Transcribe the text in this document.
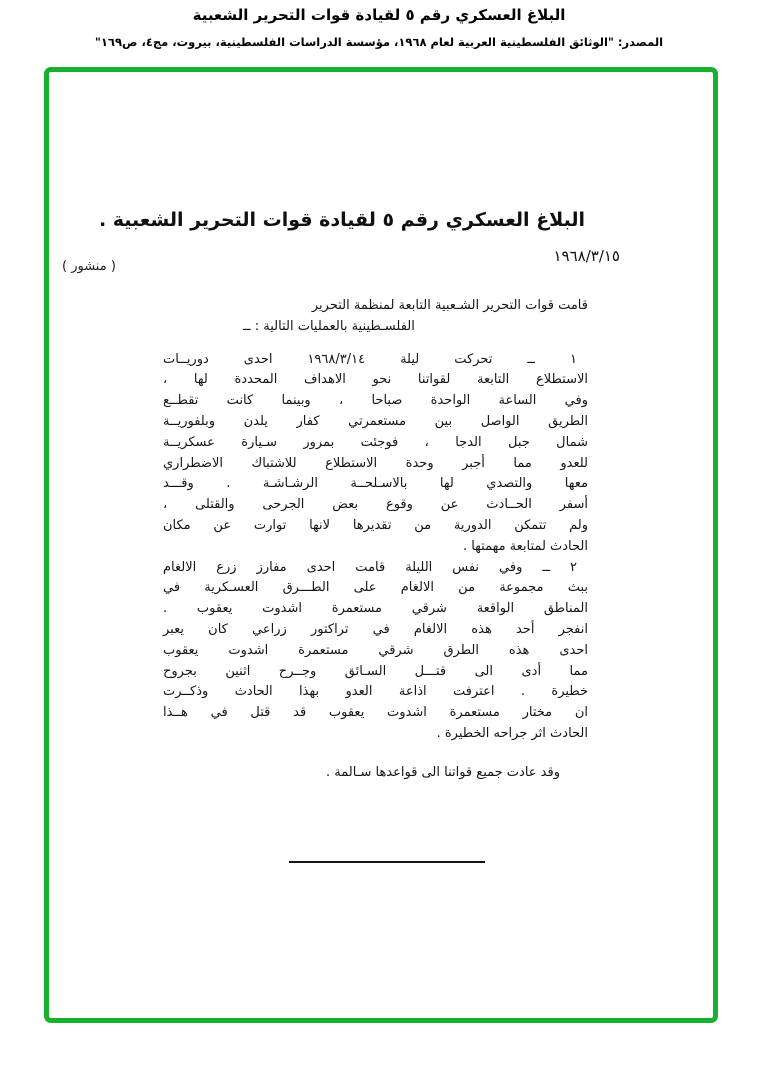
البلاغ العسكري رقم ٥ لقيادة قوات التحرير الشعبية
المصدر: "الوثائق الفلسطينية العربية لعام ١٩٦٨، مؤسسة الدراسات الفلسطينية، بيروت، مج٤، ص١٦٩"
( منشور )
البلاغ العسكري رقم ٥ لقيادة قوات التحرير الشعبية .
١٩٦٨/٣/١٥
قامت قوات التحرير الشـعبية التابعة لمنظمة التحرير
الفلسـطينية بالعمليات التالية : ــ
١ ــ تحركت ليلة ١٩٦٨/٣/١٤ احدى دوريــات
الاستطلاع التابعة لقواتنا نحو الاهداف المحددة لها ،
وفي الساعة الواحدة صباحا ، وبينما كانت تقطــع
الطريق الواصل بين مستعمرتي كفار يلدن وبلفوريــة
شمال جبل الدجا ، فوجئت بمرور سـيارة عسكريــة
للعدو مما أجبر وحدة الاستطلاع للاشتباك الاضطراري
معها والتصدي لها بالاسـلحــة الرشـاشـة . وقـــد
أسفر الحــادث عن وقوع بعض الجرحى والقتلى ،
ولم تتمكن الدورية من تقديرها لانها توارت عن مكان
الحادث لمتابعة مهمتها .
٢ ــ وفي نفس الليلة قامت احدى مفارز زرع الالغام
ببث مجموعة من الالغام على الطـــرق العسـكرية في
المناطق الواقعة شرقي مستعمرة اشدوت يعقوب .
انفجر أحد هذه الالغام في تراكتور زراعي كان يعبر
احدى هذه الطرق شرقي مستعمرة اشدوت يعقوب
مما أدى الى قتـــل السـائق وجــرح اثنين بجروح
خطيرة . اعترفت اذاعة العدو بهذا الحادث وذكــرت
ان مختار مستعمرة اشدوت يعقوب قد قتل في هــذا
الحادث اثر جراحه الخطيرة .
وقد عادت جميع قواتنا الى قواعدها سـالمة .
